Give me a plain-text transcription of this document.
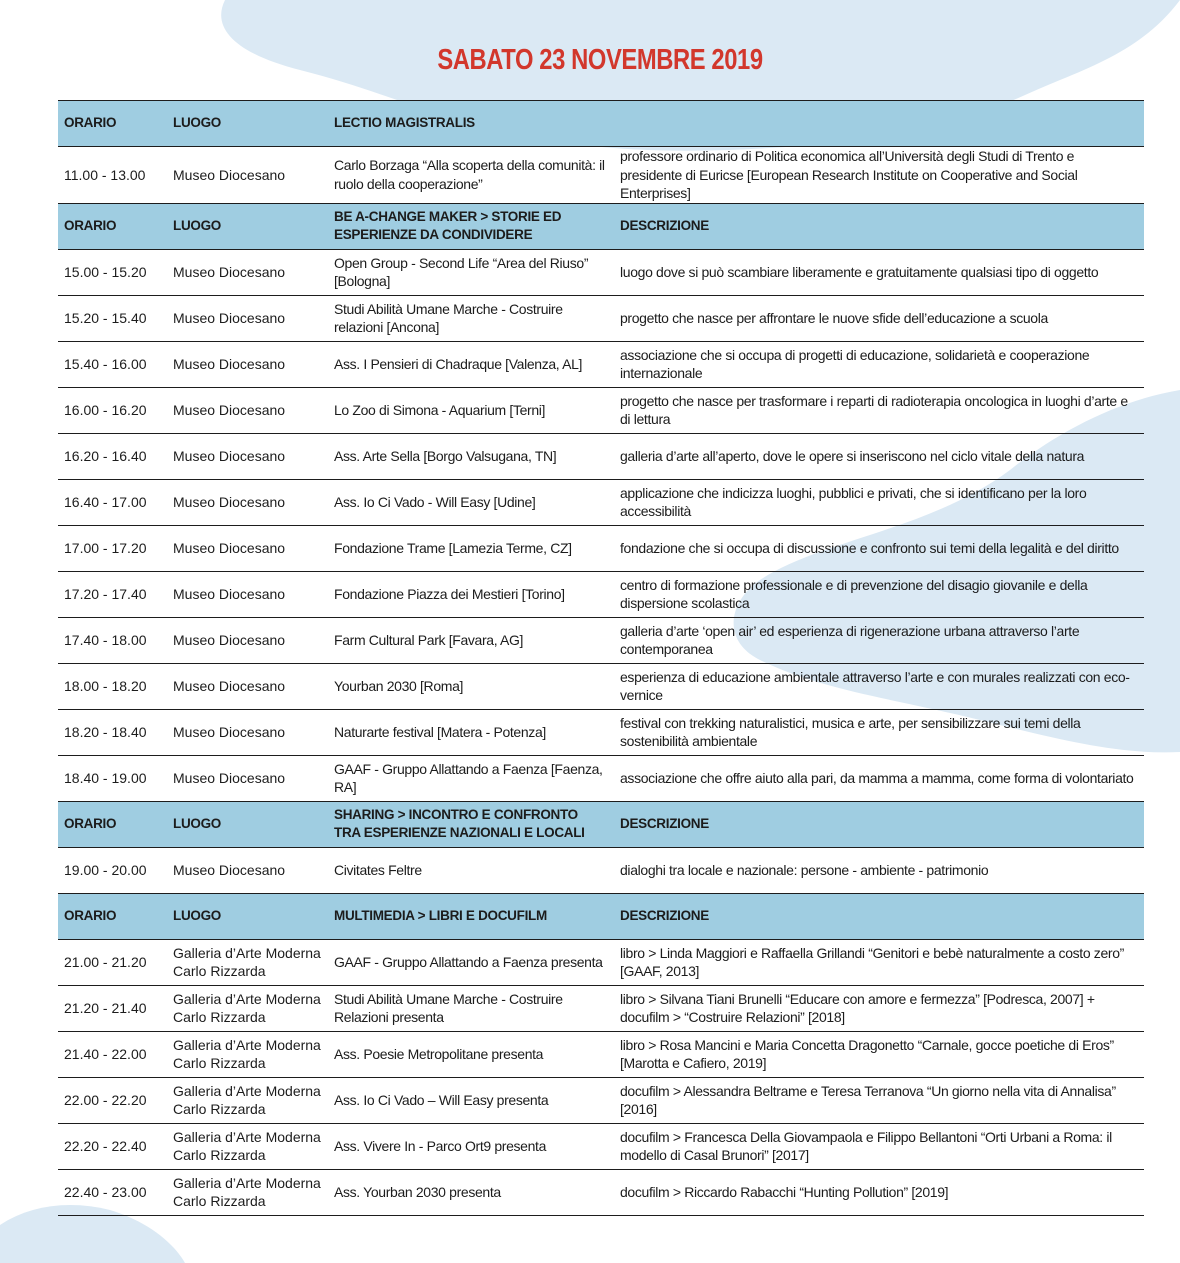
SABATO 23 NOVEMBRE 2019
ORARIO	LUOGO	LECTIO MAGISTRALIS	
11.00 - 13.00	Museo Diocesano	Carlo Borzaga “Alla scoperta della comunità: il ruolo della cooperazione”	professore ordinario di Politica economica all’Università degli Studi di Trento e presidente di Euricse [European Research Institute on Cooperative and Social Enterprises]
ORARIO	LUOGO	BE A-CHANGE MAKER > STORIE ED ESPERIENZE DA CONDIVIDERE	DESCRIZIONE
15.00 - 15.20	Museo Diocesano	Open Group - Second Life “Area del Riuso” [Bologna]	luogo dove si può scambiare liberamente e gratuitamente qualsiasi tipo di oggetto
15.20 - 15.40	Museo Diocesano	Studi Abilità Umane Marche - Costruire relazioni [Ancona]	progetto che nasce per affrontare le nuove sfide dell’educazione a scuola
15.40 - 16.00	Museo Diocesano	Ass. I Pensieri di Chadraque [Valenza, AL]	associazione che si occupa di progetti di educazione, solidarietà e cooperazione internazionale
16.00 - 16.20	Museo Diocesano	Lo Zoo di Simona - Aquarium [Terni]	progetto che nasce per trasformare i reparti di radioterapia oncologica in luoghi d’arte e di lettura
16.20 - 16.40	Museo Diocesano	Ass. Arte Sella [Borgo Valsugana, TN]	galleria d’arte all’aperto, dove le opere si inseriscono nel ciclo vitale della natura
16.40 - 17.00	Museo Diocesano	Ass. Io Ci Vado - Will Easy [Udine]	applicazione che indicizza luoghi, pubblici e privati, che si identificano per la loro accessibilità
17.00 - 17.20	Museo Diocesano	Fondazione Trame [Lamezia Terme, CZ]	fondazione che si occupa di discussione e confronto sui temi della legalità e del diritto
17.20 - 17.40	Museo Diocesano	Fondazione Piazza dei Mestieri [Torino]	centro di formazione professionale e di prevenzione del disagio giovanile e della dispersione scolastica
17.40 - 18.00	Museo Diocesano	Farm Cultural Park [Favara, AG]	galleria d’arte ‘open air’ ed esperienza di rigenerazione urbana attraverso l’arte contemporanea
18.00 - 18.20	Museo Diocesano	Yourban 2030 [Roma]	esperienza di educazione ambientale attraverso l’arte e con murales realizzati con eco-vernice
18.20 - 18.40	Museo Diocesano	Naturarte festival [Matera - Potenza]	festival con trekking naturalistici, musica e arte, per sensibilizzare sui temi della sostenibilità ambientale
18.40 - 19.00	Museo Diocesano	GAAF - Gruppo Allattando a Faenza [Faenza, RA]	associazione che offre aiuto alla pari, da mamma a mamma, come forma di volontariato
ORARIO	LUOGO	SHARING > INCONTRO E CONFRONTO TRA ESPERIENZE NAZIONALI E LOCALI	DESCRIZIONE
19.00 - 20.00	Museo Diocesano	Civitates Feltre	dialoghi tra locale e nazionale: persone - ambiente - patrimonio
ORARIO	LUOGO	MULTIMEDIA > LIBRI E DOCUFILM	DESCRIZIONE
21.00 - 21.20	Galleria d’Arte Moderna Carlo Rizzarda	GAAF - Gruppo Allattando a Faenza presenta	libro > Linda Maggiori e Raffaella Grillandi “Genitori e bebè naturalmente a costo zero” [GAAF, 2013]
21.20 - 21.40	Galleria d’Arte Moderna Carlo Rizzarda	Studi Abilità Umane Marche - Costruire Relazioni presenta	libro > Silvana Tiani Brunelli “Educare con amore e fermezza” [Podresca, 2007] + docufilm > “Costruire Relazioni” [2018]
21.40 - 22.00	Galleria d’Arte Moderna Carlo Rizzarda	Ass. Poesie Metropolitane presenta	libro > Rosa Mancini e Maria Concetta Dragonetto “Carnale, gocce poetiche di Eros” [Marotta e Cafiero, 2019]
22.00 - 22.20	Galleria d’Arte Moderna Carlo Rizzarda	Ass. Io Ci Vado – Will Easy presenta	docufilm > Alessandra Beltrame e Teresa Terranova “Un giorno nella vita di Annalisa” [2016]
22.20 - 22.40	Galleria d’Arte Moderna Carlo Rizzarda	Ass. Vivere In - Parco Ort9 presenta	docufilm > Francesca Della Giovampaola e Filippo Bellantoni “Orti Urbani a Roma: il modello di Casal Brunori” [2017]
22.40 - 23.00	Galleria d’Arte Moderna Carlo Rizzarda	Ass. Yourban 2030 presenta	docufilm > Riccardo Rabacchi “Hunting Pollution” [2019]
